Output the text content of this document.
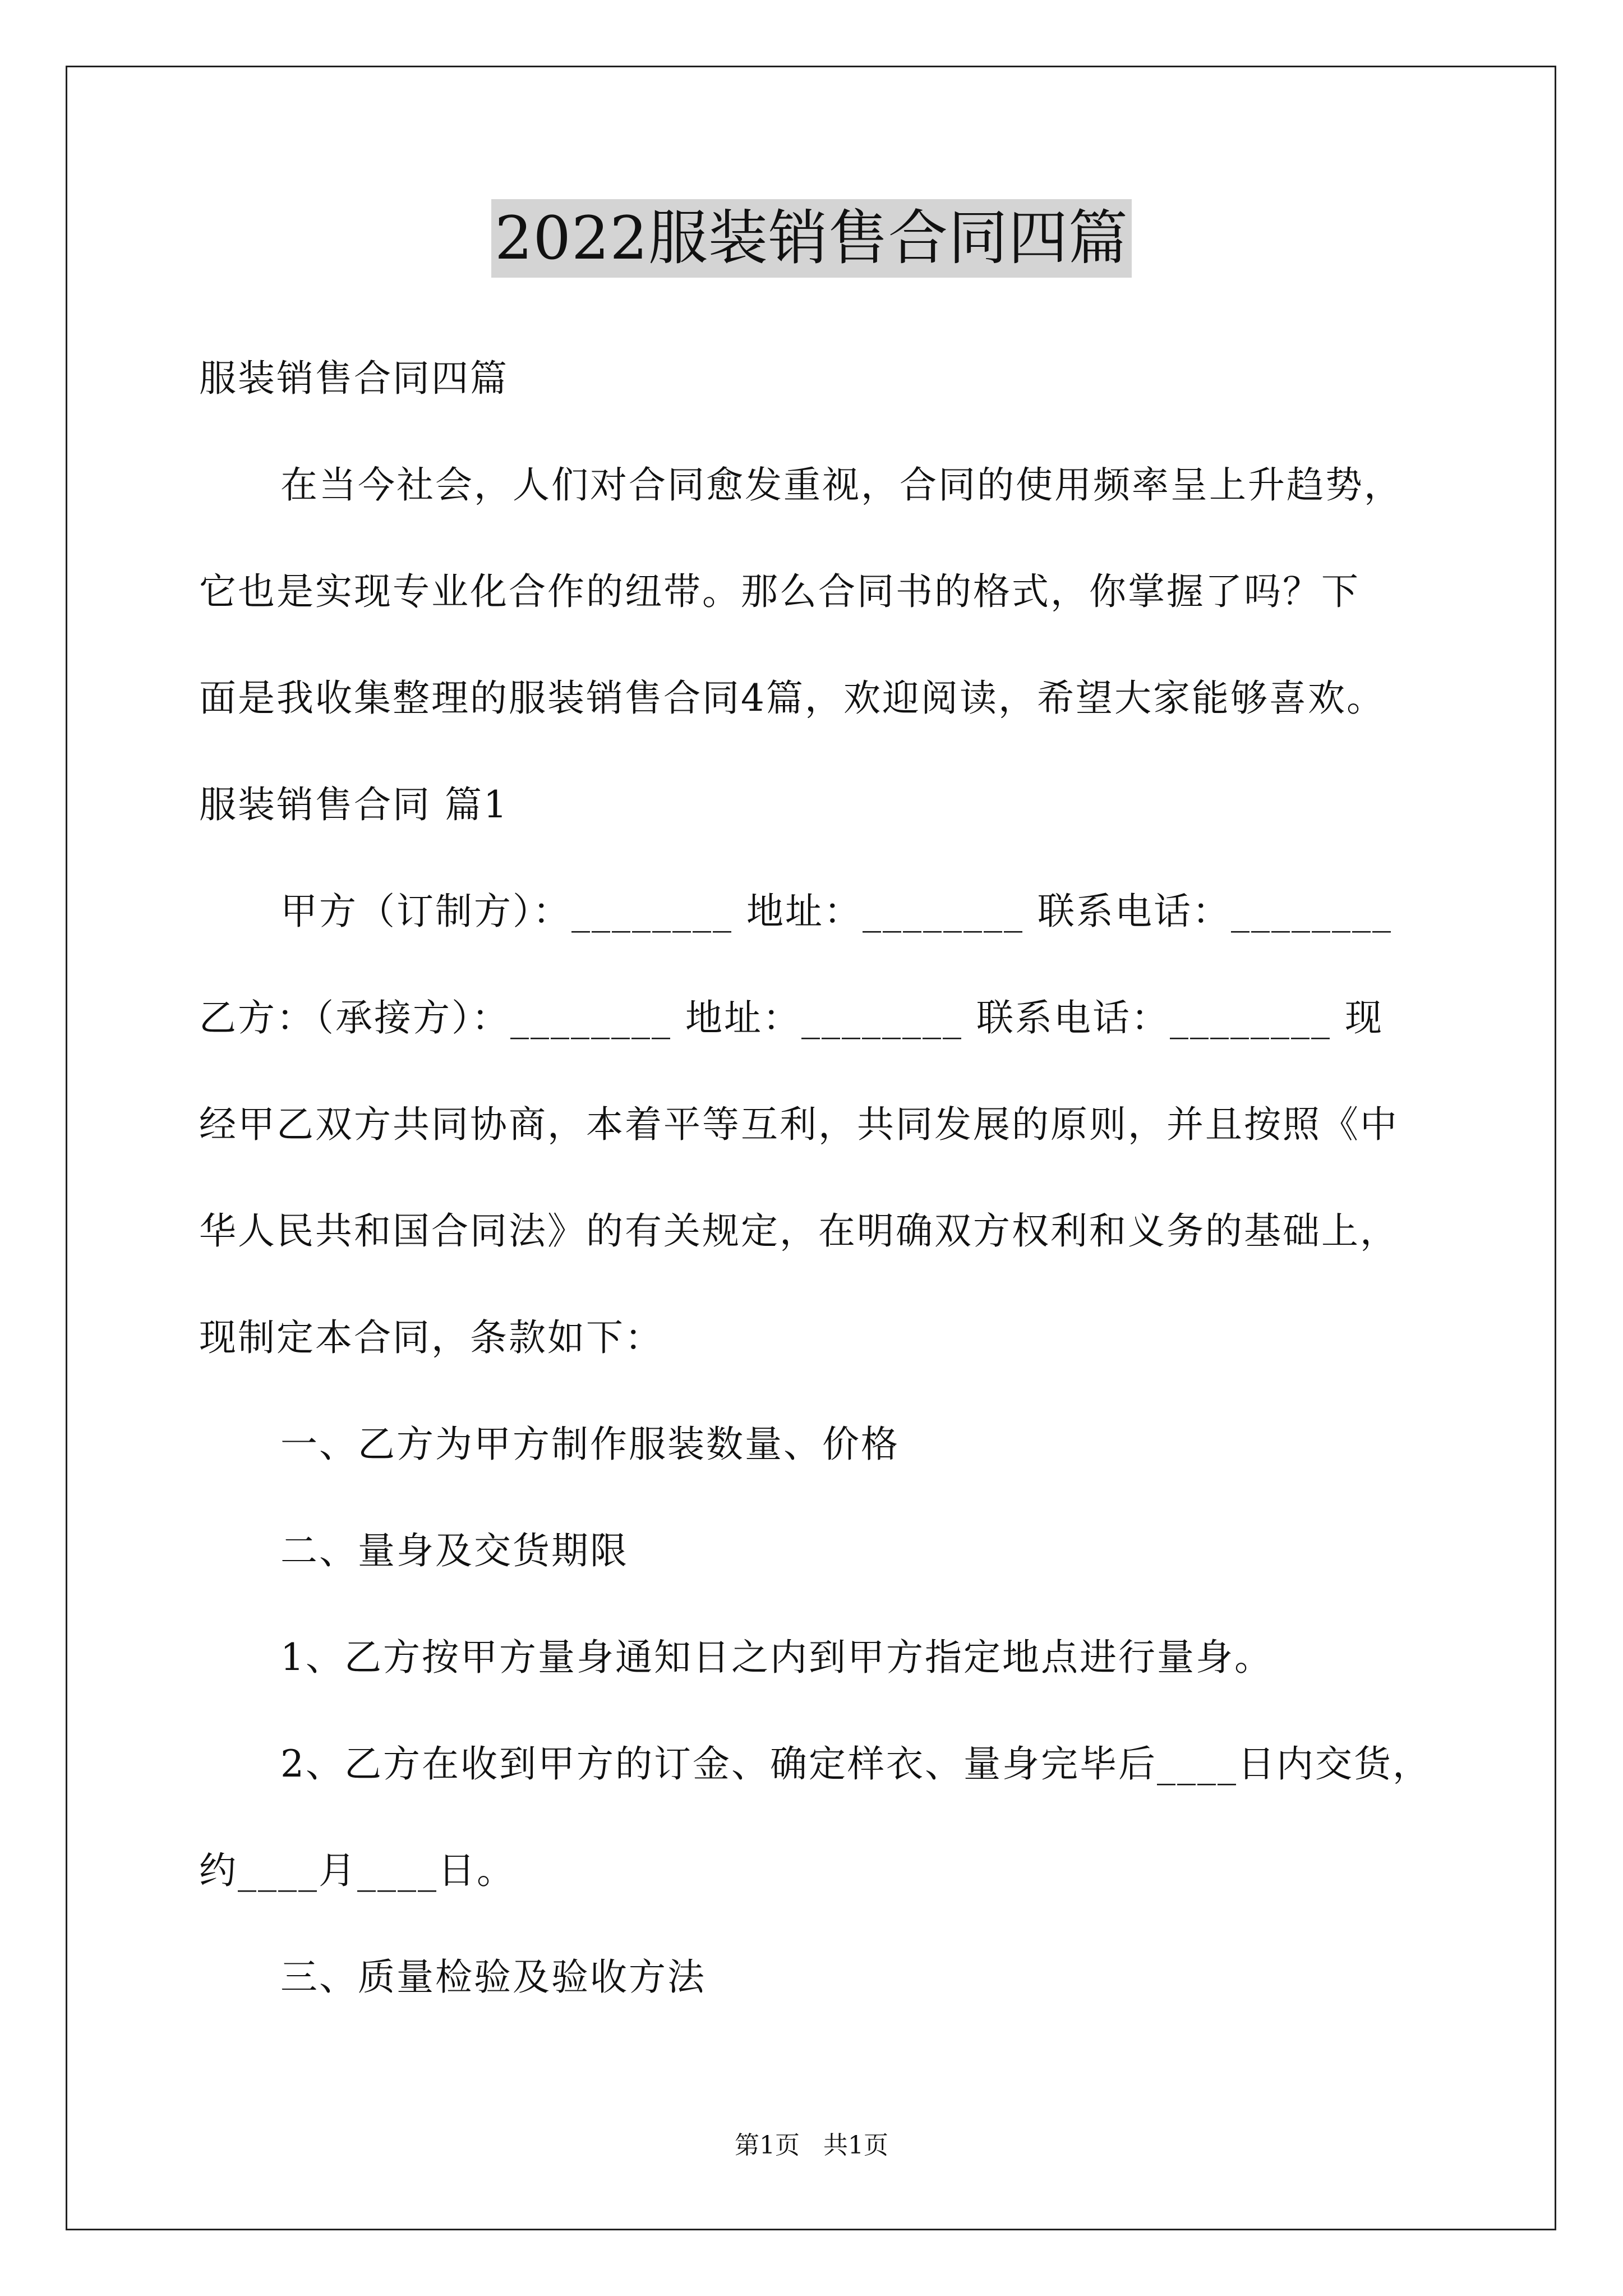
2022服装销售合同四篇
服装销售合同四篇
在当今社会，人们对合同愈发重视，合同的使用频率呈上升趋势，
它也是实现专业化合作的纽带。那么合同书的格式，你掌握了吗？下
面是我收集整理的服装销售合同4篇，欢迎阅读，希望大家能够喜欢。
服装销售合同 篇1
甲方（订制方）：________ 地址：________ 联系电话：________
乙方：（承接方）：________ 地址：________ 联系电话：________ 现
经甲乙双方共同协商，本着平等互利，共同发展的原则，并且按照《中
华人民共和国合同法》的有关规定，在明确双方权利和义务的基础上，
现制定本合同，条款如下：
一、乙方为甲方制作服装数量、价格
二、量身及交货期限
1、乙方按甲方量身通知日之内到甲方指定地点进行量身。
2、乙方在收到甲方的订金、确定样衣、量身完毕后____日内交货，
约____月____日。
三、质量检验及验收方法
第1页 共1页
